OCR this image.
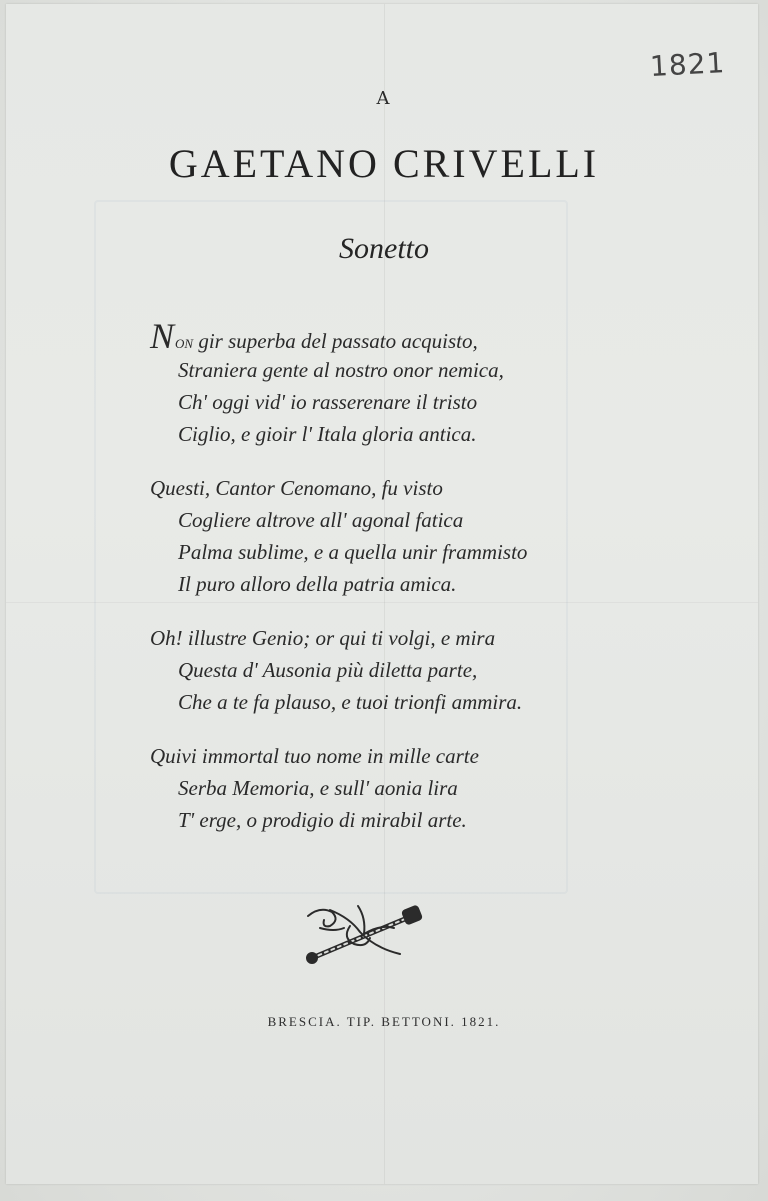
1821
A
GAETANO CRIVELLI
Sonetto
NON gir superba del passato acquisto,
Straniera gente al nostro onor nemica,
Ch' oggi vid' io rasserenare il tristo
Ciglio, e gioir l' Itala gloria antica.
Questi, Cantor Cenomano, fu visto
Cogliere altrove all' agonal fatica
Palma sublime, e a quella unir frammisto
Il puro alloro della patria amica.
Oh! illustre Genio; or qui ti volgi, e mira
Questa d' Ausonia più diletta parte,
Che a te fa plauso, e tuoi trionfi ammira.
Quivi immortal tuo nome in mille carte
Serba Memoria, e sull' aonia lira
T' erge, o prodigio di mirabil arte.
BRESCIA. TIP. BETTONI. 1821.
